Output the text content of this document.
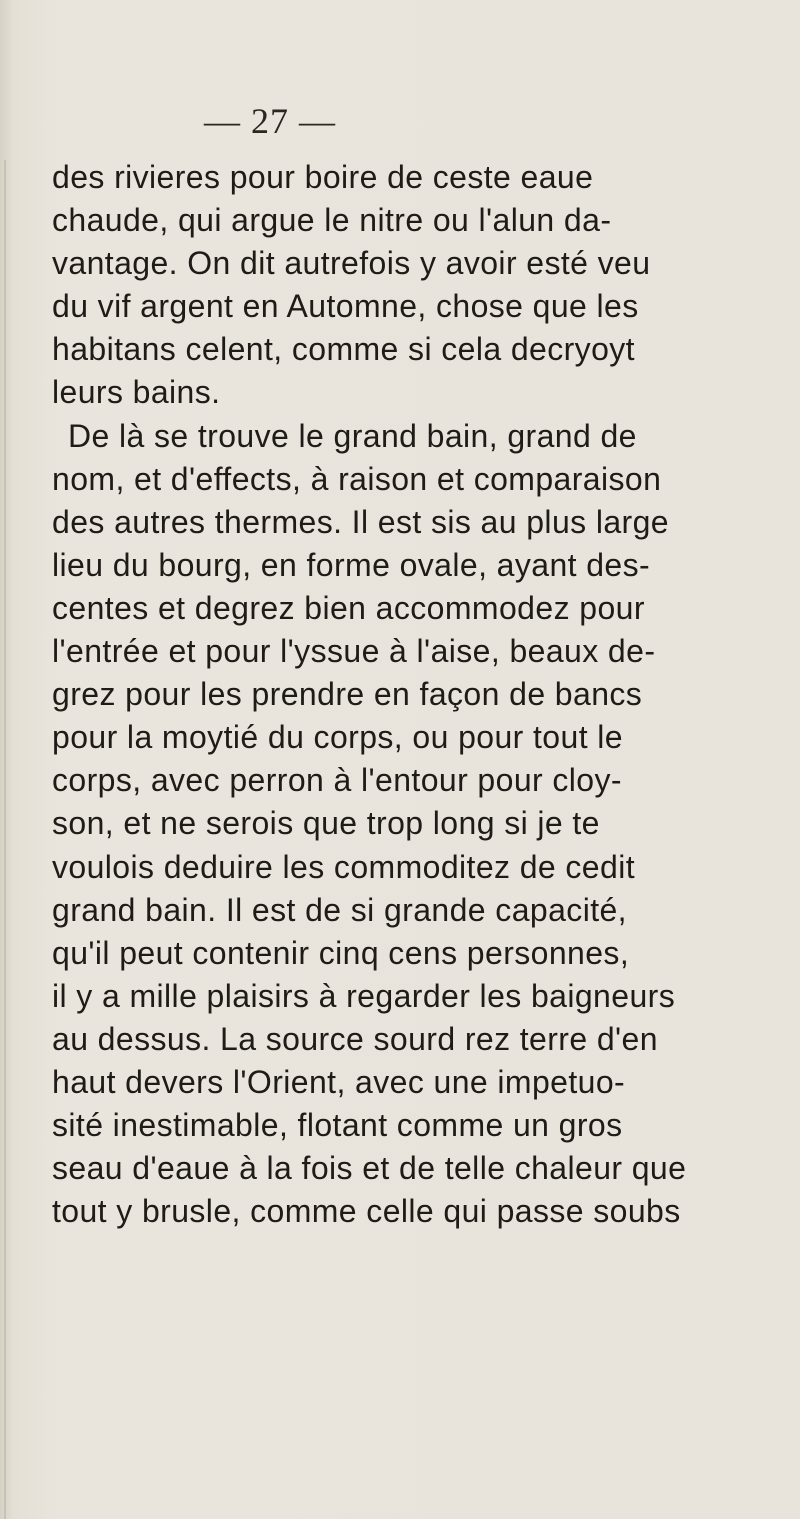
— 27 —
des rivieres pour boire de ceste eaue
chaude, qui argue le nitre ou l'alun da-
vantage. On dit autrefois y avoir esté veu
du vif argent en Automne, chose que les
habitans celent, comme si cela decryoyt
leurs bains.
De là se trouve le grand bain, grand de
nom, et d'effects, à raison et comparaison
des autres thermes. Il est sis au plus large
lieu du bourg, en forme ovale, ayant des-
centes et degrez bien accommodez pour
l'entrée et pour l'yssue à l'aise, beaux de-
grez pour les prendre en façon de bancs
pour la moytié du corps, ou pour tout le
corps, avec perron à l'entour pour cloy-
son, et ne serois que trop long si je te
voulois deduire les commoditez de cedit
grand bain. Il est de si grande capacité,
qu'il peut contenir cinq cens personnes,
il y a mille plaisirs à regarder les baigneurs
au dessus. La source sourd rez terre d'en
haut devers l'Orient, avec une impetuo-
sité inestimable, flotant comme un gros
seau d'eaue à la fois et de telle chaleur que
tout y brusle, comme celle qui passe soubs
